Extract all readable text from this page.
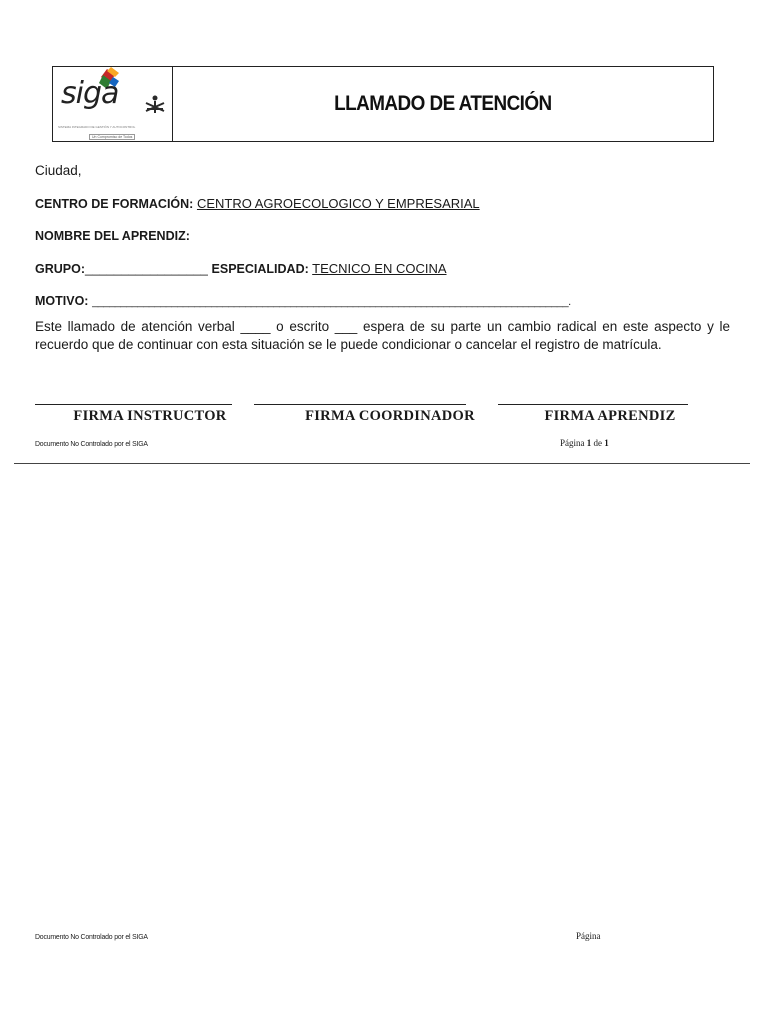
siga
SISTEMA INTEGRADO DE GESTIÓN Y AUTOCONTROL
Un Compromiso de Todos
LLAMADO DE ATENCIÓN
Ciudad,
CENTRO DE FORMACIÓN: CENTRO AGROECOLOGICO Y EMPRESARIAL
NOMBRE DEL APRENDIZ:
GRUPO:_________________ ESPECIALIDAD: TECNICO EN COCINA
MOTIVO: ____________________________________________________________________________________.
Este llamado de atención verbal ____ o escrito ___ espera de su parte un cambio radical en este aspecto y le recuerdo que de continuar con esta situación se le puede condicionar o cancelar el registro de matrícula.
FIRMA INSTRUCTOR	FIRMA COORDINADOR	FIRMA APRENDIZ
Documento No Controlado por el SIGA	Página 1 de 1
Documento No Controlado por el SIGA	Página
